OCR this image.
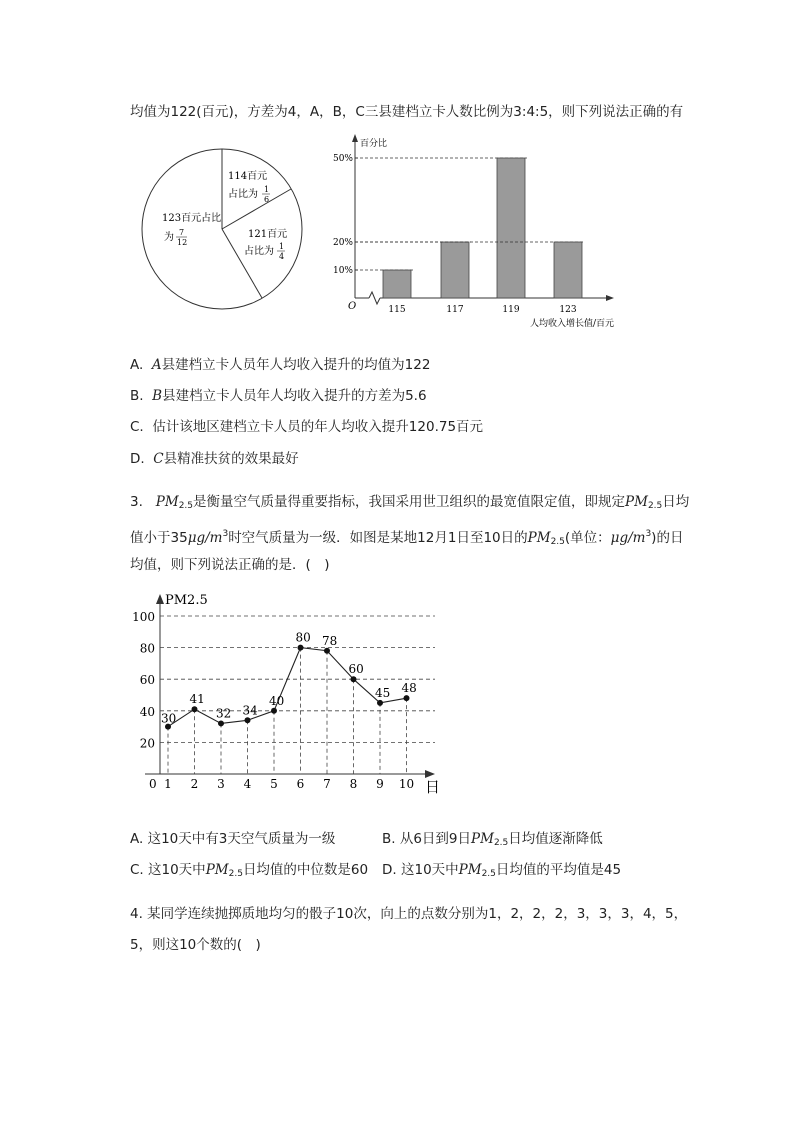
均值为122(百元)，方差为4，A，B，C三县建档立卡人数比例为3:4:5，则下列说法正确的有
114百元
占比为 1
6
121百元
占比为 1
4
123百元占比
为 7
12
百分比
O
人均收入增长值/百元
10%
20%
50%
115	117	119	123
A. A县建档立卡人员年人均收入提升的均值为122
B. B县建档立卡人员年人均收入提升的方差为5.6
C. 估计该地区建档立卡人员的年人均收入提升120.75百元
D. C县精准扶贫的效果最好
3. $PM_{2.5}$是衡量空气质量得重要指标，我国采用世卫组织的最宽值限定值，即规定$PM_{2.5}$日均
值小于$35\mu g/m^3$时空气质量为一级．如图是某地12月1日至10日的$PM_{2.5}$(单位：$\mu g/m^3$)的日
均值，则下列说法正确的是．(　)
PM2.5
0	日
20
40
60
80
100
1 2 3 4 5 6 7 8 9 10
30
41
32 34
40
80 78
60
45 48
A. 这10天中有3天空气质量为一级	B. 从6日到9日$PM_{2.5}$日均值逐渐降低
C. 这10天中$PM_{2.5}$日均值的中位数是60 D. 这10天中$PM_{2.5}$日均值的平均值是45
4. 某同学连续抛掷质地均匀的骰子10次，向上的点数分别为1，2，2，2，3，3，3，4，5，
5，则这10个数的(　)
